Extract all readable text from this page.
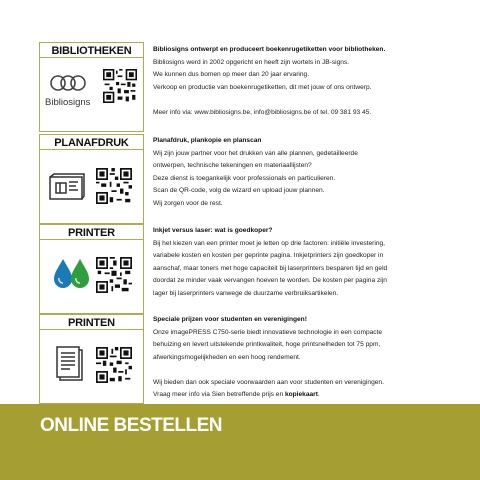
BIBLIOTHEKEN
Bibliosigns

Bibliosigns ontwerpt en produceert boekenrugetiketten voor bibliotheken.

Bibliosigns werd in 2002 opgericht en heeft zijn wortels in JB-signs.

We kunnen dus bomen op meer dan 20 jaar ervaring.

Verkoop en productie van boekenrugetiketten, dit met jouw of ons ontwerp.

Meer info via: www.bibliosigns.be, info@bibliosigns.be of tel. 09 381 93 45.

PLANAFDRUK	Planafdruk, plankopie en planscan

Wij zijn jouw partner voor het drukken van alle plannen, gedetailleerde

ontwerpen, technische tekeningen en materiaallijsten?

Deze dienst is toegankelijk voor professionals en particulieren.

Scan de QR-code, volg de wizard en upload jouw plannen.

Wij zorgen voor de rest.

PRINTER	Inkjet versus laser: wat is goedkoper?

Bij het kiezen van een printer moet je letten op drie factoren: initiële investering,

variabele kosten en kosten per geprinte pagina. Inkjetprinters zijn goedkoper in

aanschaf, maar toners met hoge capaciteit bij laserprinters besparen tijd en geld

doordat ze minder vaak vervangen hoeven te worden. De kosten per pagina zijn

lager bij laserprinters vanwege de duurzame verbruiksartikelen.

PRINTEN	Speciale prijzen voor studenten en verenigingen!

Onze imagePRESS C750-serie biedt innovatieve technologie in een compacte

behuizing en levert uitstekende printkwaliteit, hoge printsnelheden tot 75 ppm,

afwerkingsmogelijkheden en een hoog rendement.

Wij bieden dan ook speciale voorwaarden aan voor studenten en verenigingen.

Vraag meer info via Sien betreffende prijs en kopiekaart.

ONLINE BESTELLEN
